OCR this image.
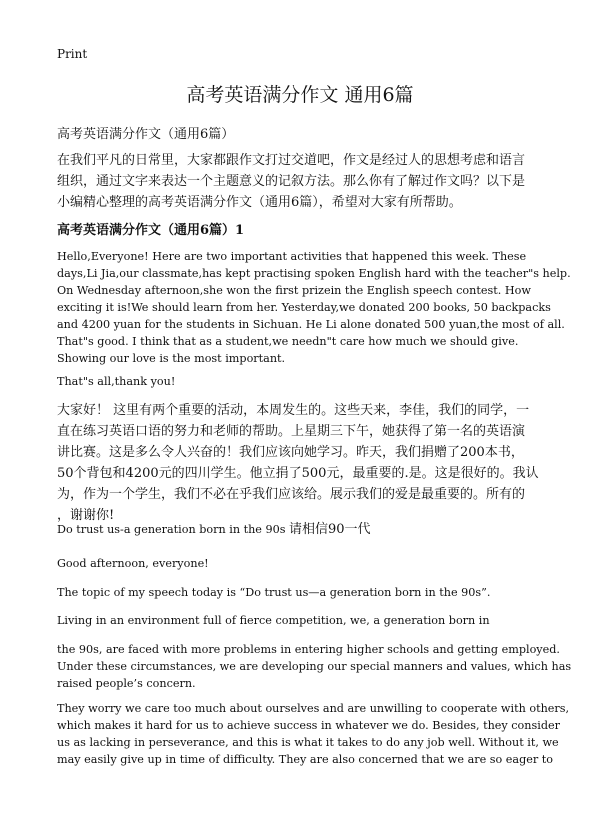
Print
高考英语满分作文 通用6篇
高考英语满分作文（通用6篇）
在我们平凡的日常里，大家都跟作文打过交道吧，作文是经过人的思想考虑和语言
组织，通过文字来表达一个主题意义的记叙方法。那么你有了解过作文吗？以下是
小编精心整理的高考英语满分作文（通用6篇），希望对大家有所帮助。
高考英语满分作文（通用6篇）1
Hello,Everyone! Here are two important activities that happened this week. These
days,Li Jia,our classmate,has kept practising spoken English hard with the teacher"s help.
On Wednesday afternoon,she won the first prizein the English speech contest. How
exciting it is!We should learn from her. Yesterday,we donated 200 books, 50 backpacks
and 4200 yuan for the students in Sichuan. He Li alone donated 500 yuan,the most of all.
That"s good. I think that as a student,we needn"t care how much we should give.
Showing our love is the most important.
That"s all,thank you!
大家好！ 这里有两个重要的活动，本周发生的。这些天来，李佳，我们的同学，一
直在练习英语口语的努力和老师的帮助。上星期三下午，她获得了第一名的英语演
讲比赛。这是多么令人兴奋的！我们应该向她学习。昨天，我们捐赠了200本书，
50个背包和4200元的四川学生。他立捐了500元，最重要的.是。这是很好的。我认
为，作为一个学生，我们不必在乎我们应该给。展示我们的爱是最重要的。所有的
，谢谢你!
Do trust us-a generation born in the 90s 请相信90一代
Good afternoon, everyone!
The topic of my speech today is “Do trust us—a generation born in the 90s”.
Living in an environment full of fierce competition, we, a generation born in
the 90s, are faced with more problems in entering higher schools and getting employed.
Under these circumstances, we are developing our special manners and values, which has
raised people’s concern.
They worry we care too much about ourselves and are unwilling to cooperate with others,
which makes it hard for us to achieve success in whatever we do. Besides, they consider
us as lacking in perseverance, and this is what it takes to do any job well. Without it, we
may easily give up in time of difficulty. They are also concerned that we are so eager to
